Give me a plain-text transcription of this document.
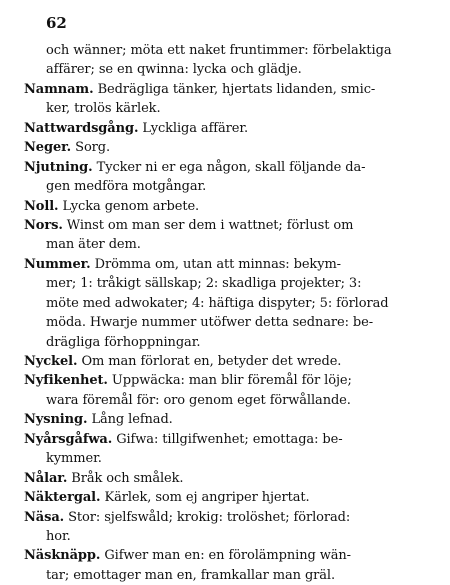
62
och wänner; möta ett naket fruntimmer: förbelaktiga
affärer; se en qwinna: lycka och glädje.
Namnam. Bedrägliga tänker, hjertats lidanden, smic-
ker, trolös kärlek.
Nattwardsgång. Lyckliga affärer.
Neger. Sorg.
Njutning. Tycker ni er ega någon, skall följande da-
gen medföra motgångar.
Noll. Lycka genom arbete.
Nors. Winst om man ser dem i wattnet; förlust om
man äter dem.
Nummer. Drömma om, utan att minnas: bekym-
mer; 1: tråkigt sällskap; 2: skadliga projekter; 3:
möte med adwokater; 4: häftiga dispyter; 5: förlorad
möda. Hwarje nummer utöfwer detta sednare: be-
drägliga förhoppningar.
Nyckel. Om man förlorat en, betyder det wrede.
Nyfikenhet. Uppwäcka: man blir föremål för löje;
wara föremål för: oro genom eget förwållande.
Nysning. Lång lefnad.
Nyårsgåfwa. Gifwa: tillgifwenhet; emottaga: be-
kymmer.
Nålar. Bråk och smålek.
Näktergal. Kärlek, som ej angriper hjertat.
Näsa. Stor: sjelfswåld; krokig: trolöshet; förlorad:
hor.
Näsknäpp. Gifwer man en: en förolämpning wän-
tar; emottager man en, framkallar man gräl.
